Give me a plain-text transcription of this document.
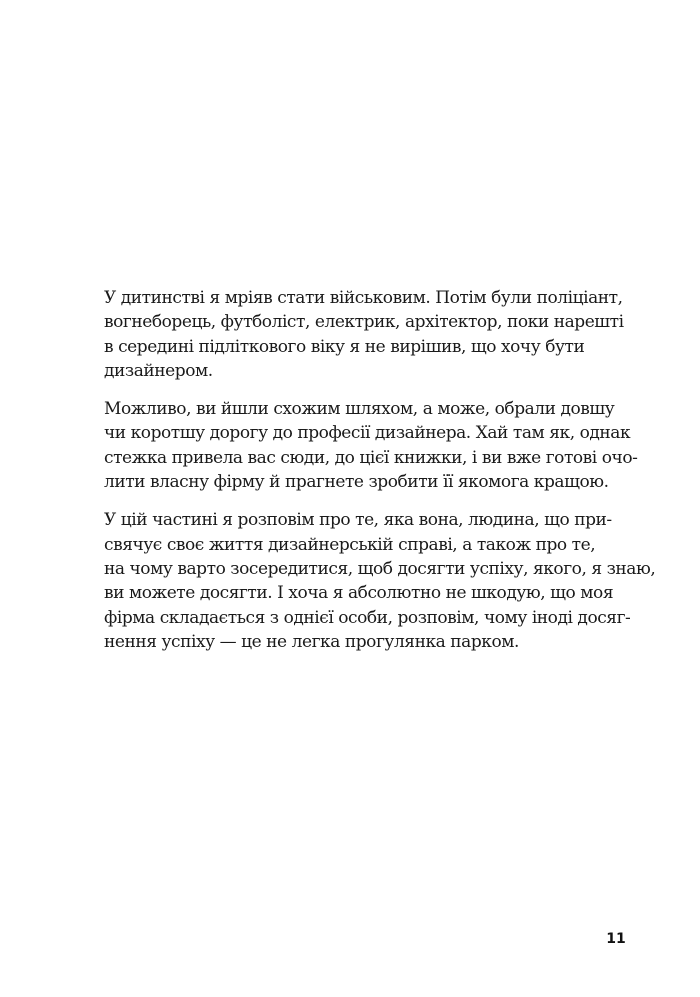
У дитинстві я мріяв стати військовим. Потім були поліціант,
вогнеборець, футболіст, електрик, архітектор, поки нарешті
в середині підліткового віку я не вирішив, що хочу бути
дизайнером.

Можливо, ви йшли схожим шляхом, а може, обрали довшу
чи коротшу дорогу до професії дизайнера. Хай там як, однак
стежка привела вас сюди, до цієї книжки, і ви вже готові очо-
лити власну фірму й прагнете зробити її якомога кращою.

У цій частині я розповім про те, яка вона, людина, що при-
свячує своє життя дизайнерській справі, а також про те,
на чому варто зосередитися, щоб досягти успіху, якого, я знаю,
ви можете досягти. І хоча я абсолютно не шкодую, що моя
фірма складається з однієї особи, розповім, чому іноді досяг-
нення успіху — це не легка прогулянка парком.

11
